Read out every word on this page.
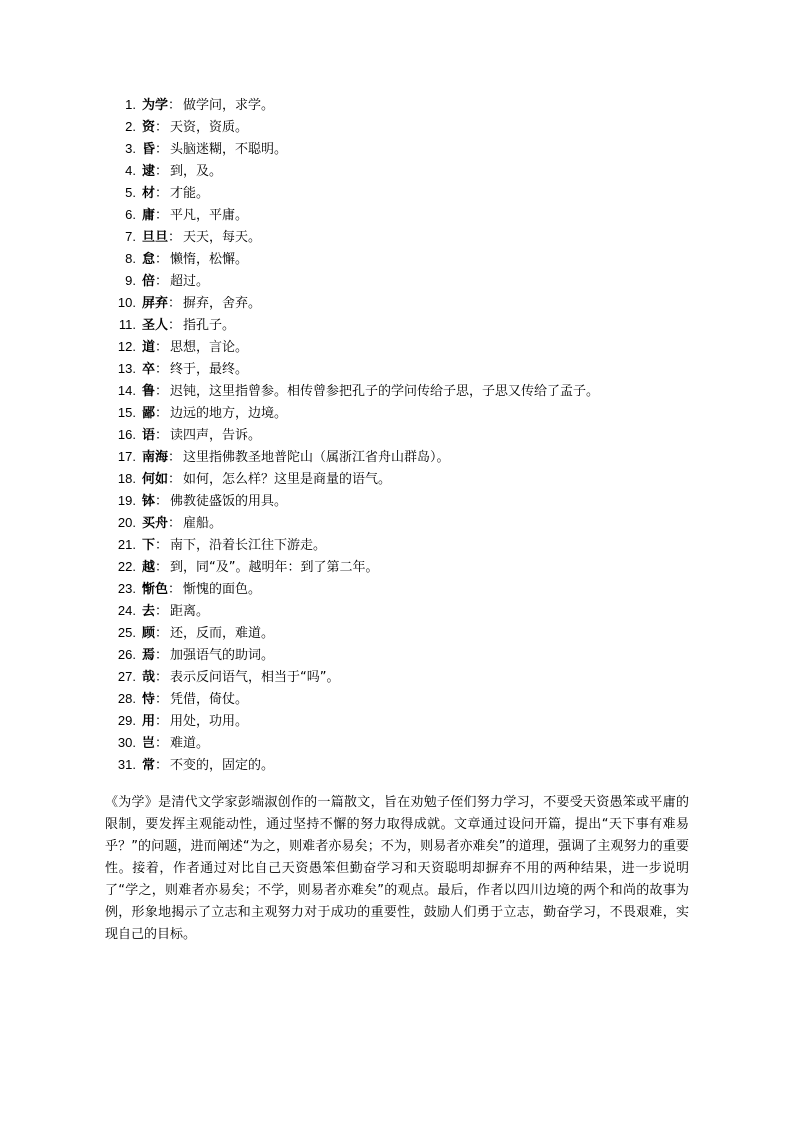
1. 为学 ： 做学问，求学。
2. 资 ： 天资，资质。
3. 昏 ： 头脑迷糊，不聪明。
4. 逮 ： 到，及。
5. 材 ： 才能。
6. 庸 ： 平凡，平庸。
7. 旦旦 ： 天天，每天。
8. 怠 ： 懒惰，松懈。
9. 倍 ： 超过。
10. 屏弃 ： 摒弃，舍弃。
11. 圣人 ： 指孔子。
12. 道 ： 思想，言论。
13. 卒 ： 终于，最终。
14. 鲁 ： 迟钝，这里指曾参。相传曾参把孔子的学问传给子思，子思又传给了孟子。
15. 鄙 ： 边远的地方，边境。
16. 语 ： 读四声，告诉。
17. 南海 ： 这里指佛教圣地普陀山（属浙江省舟山群岛）。
18. 何如 ： 如何，怎么样？这里是商量的语气。
19. 钵 ： 佛教徒盛饭的用具。
20. 买舟 ： 雇船。
21. 下 ： 南下，沿着长江往下游走。
22. 越 ： 到，同“及”。越明年：到了第二年。
23. 惭色 ： 惭愧的面色。
24. 去 ： 距离。
25. 顾 ： 还，反而，难道。
26. 焉 ： 加强语气的助词。
27. 哉 ： 表示反问语气，相当于“吗”。
28. 恃 ： 凭借，倚仗。
29. 用 ： 用处，功用。
30. 岂 ： 难道。
31. 常 ： 不变的，固定的。

《为学》是清代文学家彭端淑创作的一篇散文，旨在劝勉子侄们努力学习，不要受天资愚笨或平庸的限制，要发挥主观能动性，通过坚持不懈的努力取得成就。文章通过设问开篇，提出“天下事有难易乎？”的问题，进而阐述“为之，则难者亦易矣；不为，则易者亦难矣”的道理，强调了主观努力的重要性。接着，作者通过对比自己天资愚笨但勤奋学习和天资聪明却摒弃不用的两种结果，进一步说明了“学之，则难者亦易矣；不学，则易者亦难矣”的观点。最后，作者以四川边境的两个和尚的故事为例，形象地揭示了立志和主观努力对于成功的重要性，鼓励人们勇于立志，勤奋学习，不畏艰难，实现自己的目标。
